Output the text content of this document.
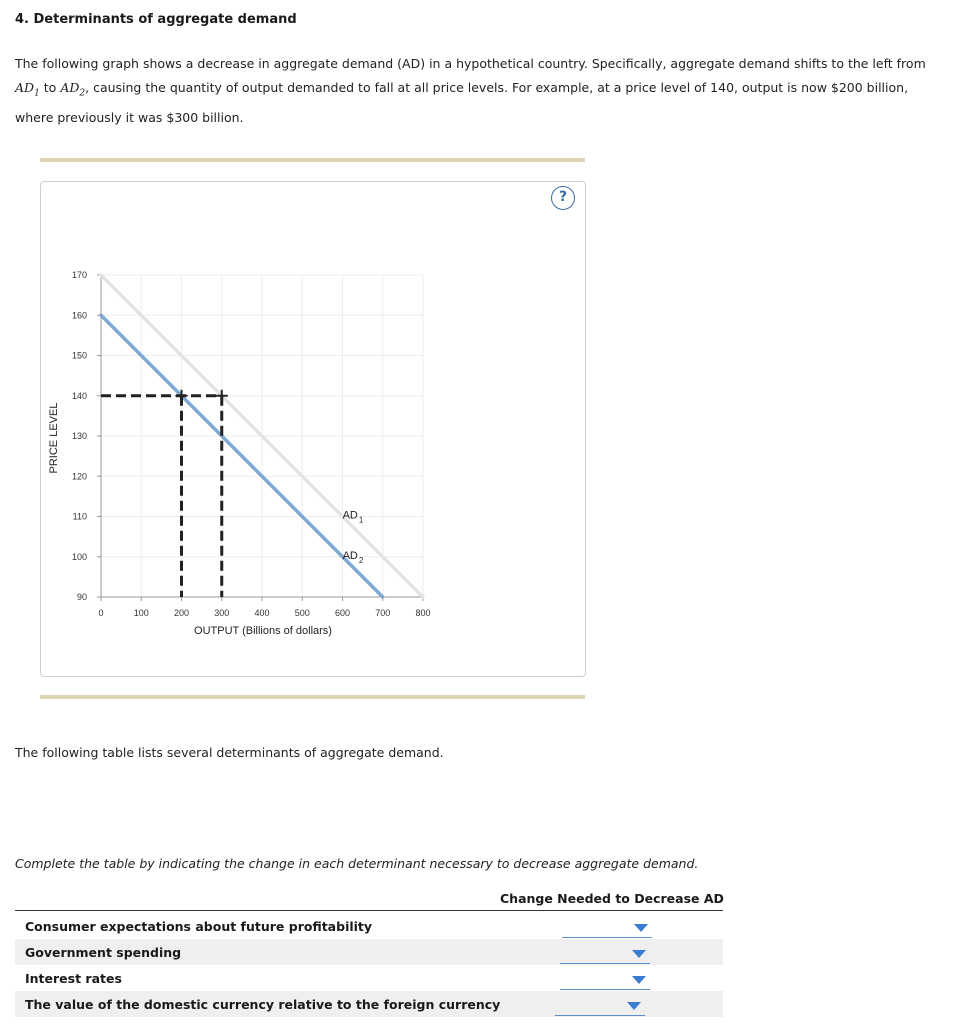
4. Determinants of aggregate demand
The following graph shows a decrease in aggregate demand (AD) in a hypothetical country. Specifically, aggregate demand shifts to the left from
$AD_1$ to $AD_2$, causing the quantity of output demanded to fall at all price levels. For example, at a price level of 140, output is now $200 billion, where previously it was $300 billion.
90
100
110
120
130
140
150
160
170
0	100	200	300	400	500	600	700	800
OUTPUT (Billions of dollars)
PRICE LEVEL
$AD_1$
$AD_2$
?
The following table lists several determinants of aggregate demand.
Complete the table by indicating the change in each determinant necessary to decrease aggregate demand.
Change Needed to Decrease AD
Consumer expectations about future profitability
Government spending
Interest rates
The value of the domestic currency relative to the foreign currency
